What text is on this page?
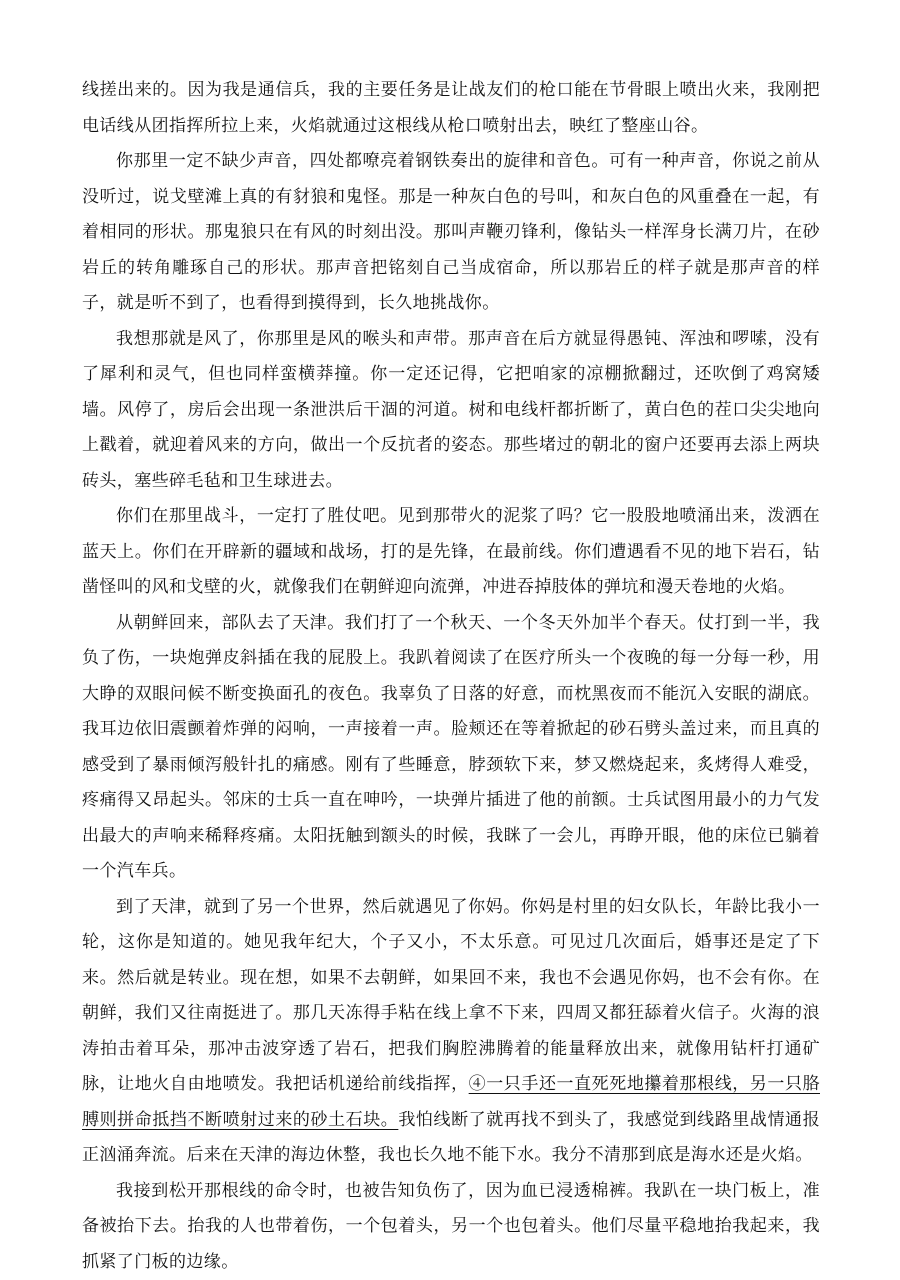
线搓出来的。因为我是通信兵，我的主要任务是让战友们的枪口能在节骨眼上喷出火来，我刚把电话线从团指挥所拉上来，火焰就通过这根线从枪口喷射出去，映红了整座山谷。

你那里一定不缺少声音，四处都嘹亮着钢铁奏出的旋律和音色。可有一种声音，你说之前从没听过，说戈壁滩上真的有豺狼和鬼怪。那是一种灰白色的号叫，和灰白色的风重叠在一起，有着相同的形状。那鬼狼只在有风的时刻出没。那叫声鞭刃锋利，像钻头一样浑身长满刀片，在砂岩丘的转角雕琢自己的形状。那声音把铭刻自己当成宿命，所以那岩丘的样子就是那声音的样子，就是听不到了，也看得到摸得到，长久地挑战你。

我想那就是风了，你那里是风的喉头和声带。那声音在后方就显得愚钝、浑浊和啰嗦，没有了犀利和灵气，但也同样蛮横莽撞。你一定还记得，它把咱家的凉棚掀翻过，还吹倒了鸡窝矮墙。风停了，房后会出现一条泄洪后干涸的河道。树和电线杆都折断了，黄白色的茬口尖尖地向上戳着，就迎着风来的方向，做出一个反抗者的姿态。那些堵过的朝北的窗户还要再去添上两块砖头，塞些碎毛毡和卫生球进去。

你们在那里战斗，一定打了胜仗吧。见到那带火的泥浆了吗？它一股股地喷涌出来，泼洒在蓝天上。你们在开辟新的疆域和战场，打的是先锋，在最前线。你们遭遇看不见的地下岩石，钻凿怪叫的风和戈壁的火，就像我们在朝鲜迎向流弹，冲进吞掉肢体的弹坑和漫天卷地的火焰。

从朝鲜回来，部队去了天津。我们打了一个秋天、一个冬天外加半个春天。仗打到一半，我负了伤，一块炮弹皮斜插在我的屁股上。我趴着阅读了在医疗所头一个夜晚的每一分每一秒，用大睁的双眼问候不断变换面孔的夜色。我辜负了日落的好意，而枕黑夜而不能沉入安眠的湖底。我耳边依旧震颤着炸弹的闷响，一声接着一声。脸颊还在等着掀起的砂石劈头盖过来，而且真的感受到了暴雨倾泻般针扎的痛感。刚有了些睡意，脖颈软下来，梦又燃烧起来，炙烤得人难受，疼痛得又昂起头。邻床的士兵一直在呻吟，一块弹片插进了他的前额。士兵试图用最小的力气发出最大的声响来稀释疼痛。太阳抚触到额头的时候，我眯了一会儿，再睁开眼，他的床位已躺着一个汽车兵。

到了天津，就到了另一个世界，然后就遇见了你妈。你妈是村里的妇女队长，年龄比我小一轮，这你是知道的。她见我年纪大，个子又小，不太乐意。可见过几次面后，婚事还是定了下来。然后就是转业。现在想，如果不去朝鲜，如果回不来，我也不会遇见你妈，也不会有你。在朝鲜，我们又往南挺进了。那几天冻得手粘在线上拿不下来，四周又都狂舔着火信子。火海的浪涛拍击着耳朵，那冲击波穿透了岩石，把我们胸腔沸腾着的能量释放出来，就像用钻杆打通矿脉，让地火自由地喷发。我把话机递给前线指挥，④一只手还一直死死地攥着那根线，另一只胳膊则拼命抵挡不断喷射过来的砂土石块。我怕线断了就再找不到头了，我感觉到线路里战情通报正汹涌奔流。后来在天津的海边休整，我也长久地不能下水。我分不清那到底是海水还是火焰。

我接到松开那根线的命令时，也被告知负伤了，因为血已浸透棉裤。我趴在一块门板上，准备被抬下去。抬我的人也带着伤，一个包着头，另一个也包着头。他们尽量平稳地抬我起来，我抓紧了门板的边缘。
